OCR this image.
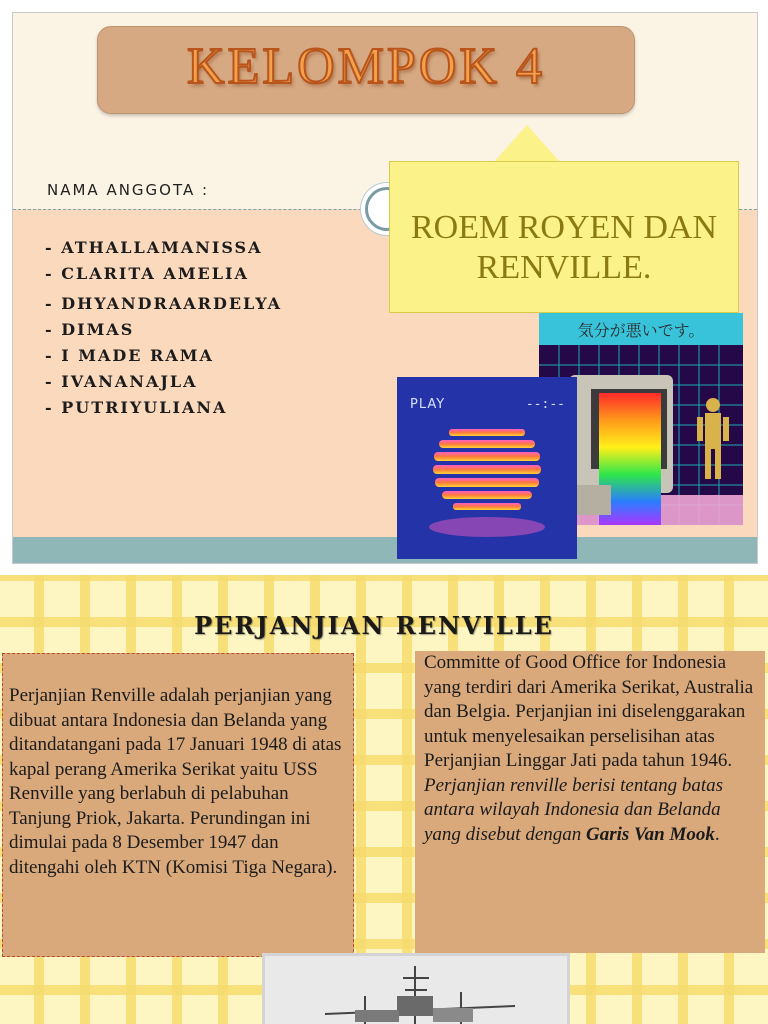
KELOMPOK 4
NAMA ANGGOTA :
- ATHALLAMANISSA
- CLARITA AMELIA
- DHYANDRAARDELYA
- DIMAS
- I MADE RAMA
- IVANANAJLA
- PUTRIYULIANA
ROEM ROYEN DAN RENVILLE.
気分が悪いです。
PLAY	--:--
PERJANJIAN RENVILLE
Perjanjian Renville adalah perjanjian yang dibuat antara Indonesia dan Belanda yang ditandatangani pada 17 Januari 1948 di atas kapal perang Amerika Serikat yaitu USS Renville yang berlabuh di pelabuhan Tanjung Priok, Jakarta. Perundingan ini dimulai pada 8 Desember 1947 dan ditengahi oleh KTN (Komisi Tiga Negara).
Committe of Good Office for Indonesia yang terdiri dari Amerika Serikat, Australia dan Belgia. Perjanjian ini diselenggarakan untuk menyelesaikan perselisihan atas Perjanjian Linggar Jati pada tahun 1946. Perjanjian renville berisi tentang batas antara wilayah Indonesia dan Belanda yang disebut dengan Garis Van Mook.
